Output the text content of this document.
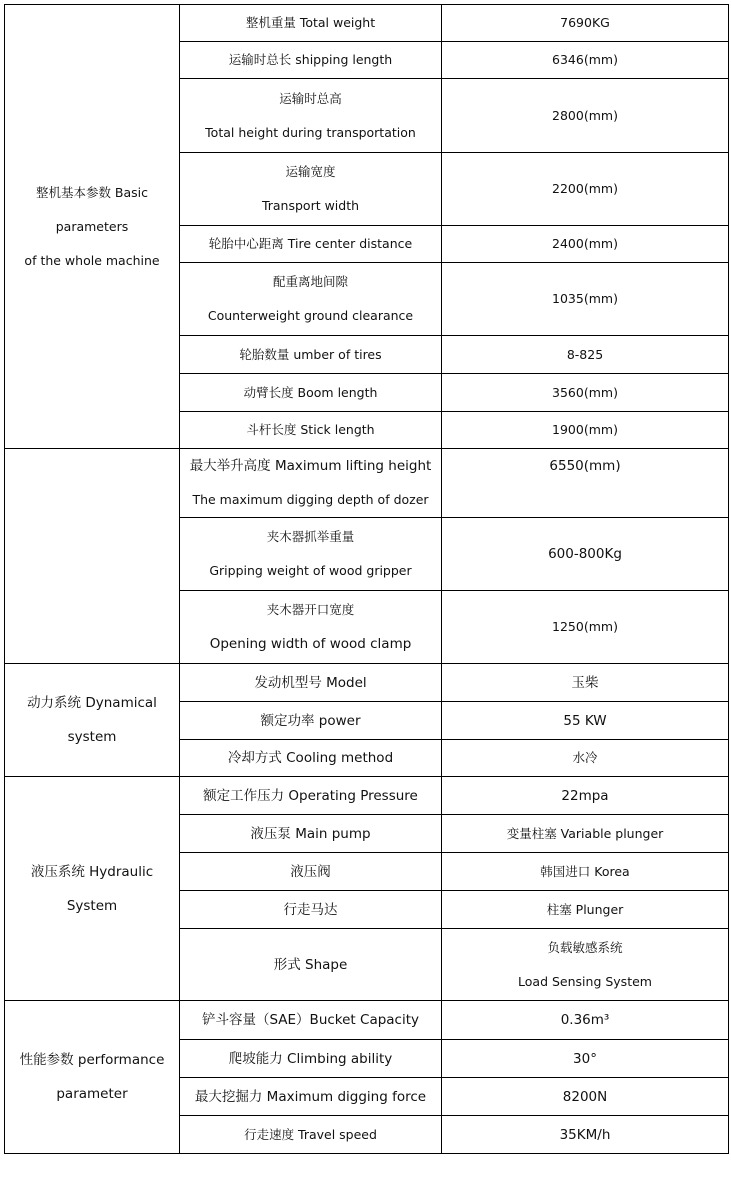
整机基本参数 Basic parameters
of the whole machine	整机重量 Total weight	7690KG

	运输时总长 shipping length	6346(mm)

	运输时总高
Total height during transportation	2800(mm)

	运输宽度
Transport width	2200(mm)

	轮胎中心距离 Tire center distance	2400(mm)

	配重离地间隙
Counterweight ground clearance	1035(mm)

	轮胎数量 umber of tires	8-825

	动臂长度 Boom length	3560(mm)

	斗杆长度 Stick length	1900(mm)

	最大举升高度 Maximum lifting height
The maximum digging depth of dozer	6550(mm)

	夹木器抓举重量
Gripping weight of wood gripper	600-800Kg

	夹木器开口宽度
Opening width of wood clamp	1250(mm)

动力系统 Dynamical system	发动机型号 Model	玉柴

	额定功率 power	55 KW

	冷却方式 Cooling method	水冷

液压系统 Hydraulic System	额定工作压力 Operating Pressure	22mpa

	液压泵 Main pump	变量柱塞 Variable plunger

	液压阀	韩国进口 Korea

	行走马达	柱塞 Plunger

	形式 Shape	负载敏感系统
Load Sensing System

性能参数 performance
parameter	铲斗容量（SAE）Bucket Capacity	0.36m³

	爬坡能力 Climbing ability	30°

	最大挖掘力 Maximum digging force	8200N

	行走速度 Travel speed	35KM/h
